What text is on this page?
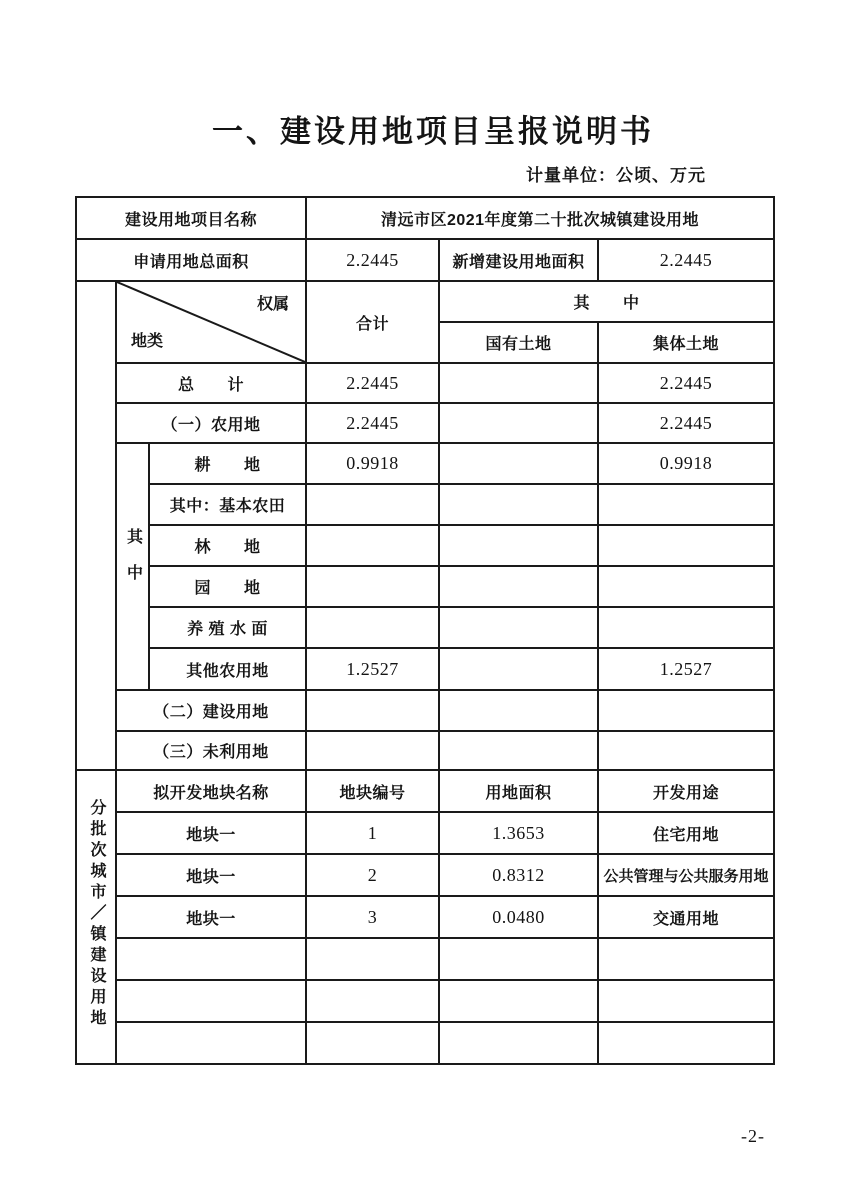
一、建设用地项目呈报说明书
计量单位：公顷、万元
建设用地项目名称			清远市区2021年度第二十批次城镇建设用地		
申请用地总面积			2.2445	新增建设用地面积	2.2445

	权属
地类		合计	其　　中	
				国有土地	集体土地
	总　　计		2.2445		2.2445
	（一）农用地		2.2445		2.2445
	其中	耕　　地	0.9918		0.9918
		其中：基本农田			
		林　　地			
		园　　地			
		养 殖 水 面			
		其他农用地	1.2527		1.2527
	（二）建设用地				
	（三）未利用地				
分批次城市／镇建设用地	拟开发地块名称		地块编号	用地面积	开发用途
	地块一		1	1.3653	住宅用地
	地块一		2	0.8312	公共管理与公共服务用地
	地块一		3	0.0480	交通用地

-2-
